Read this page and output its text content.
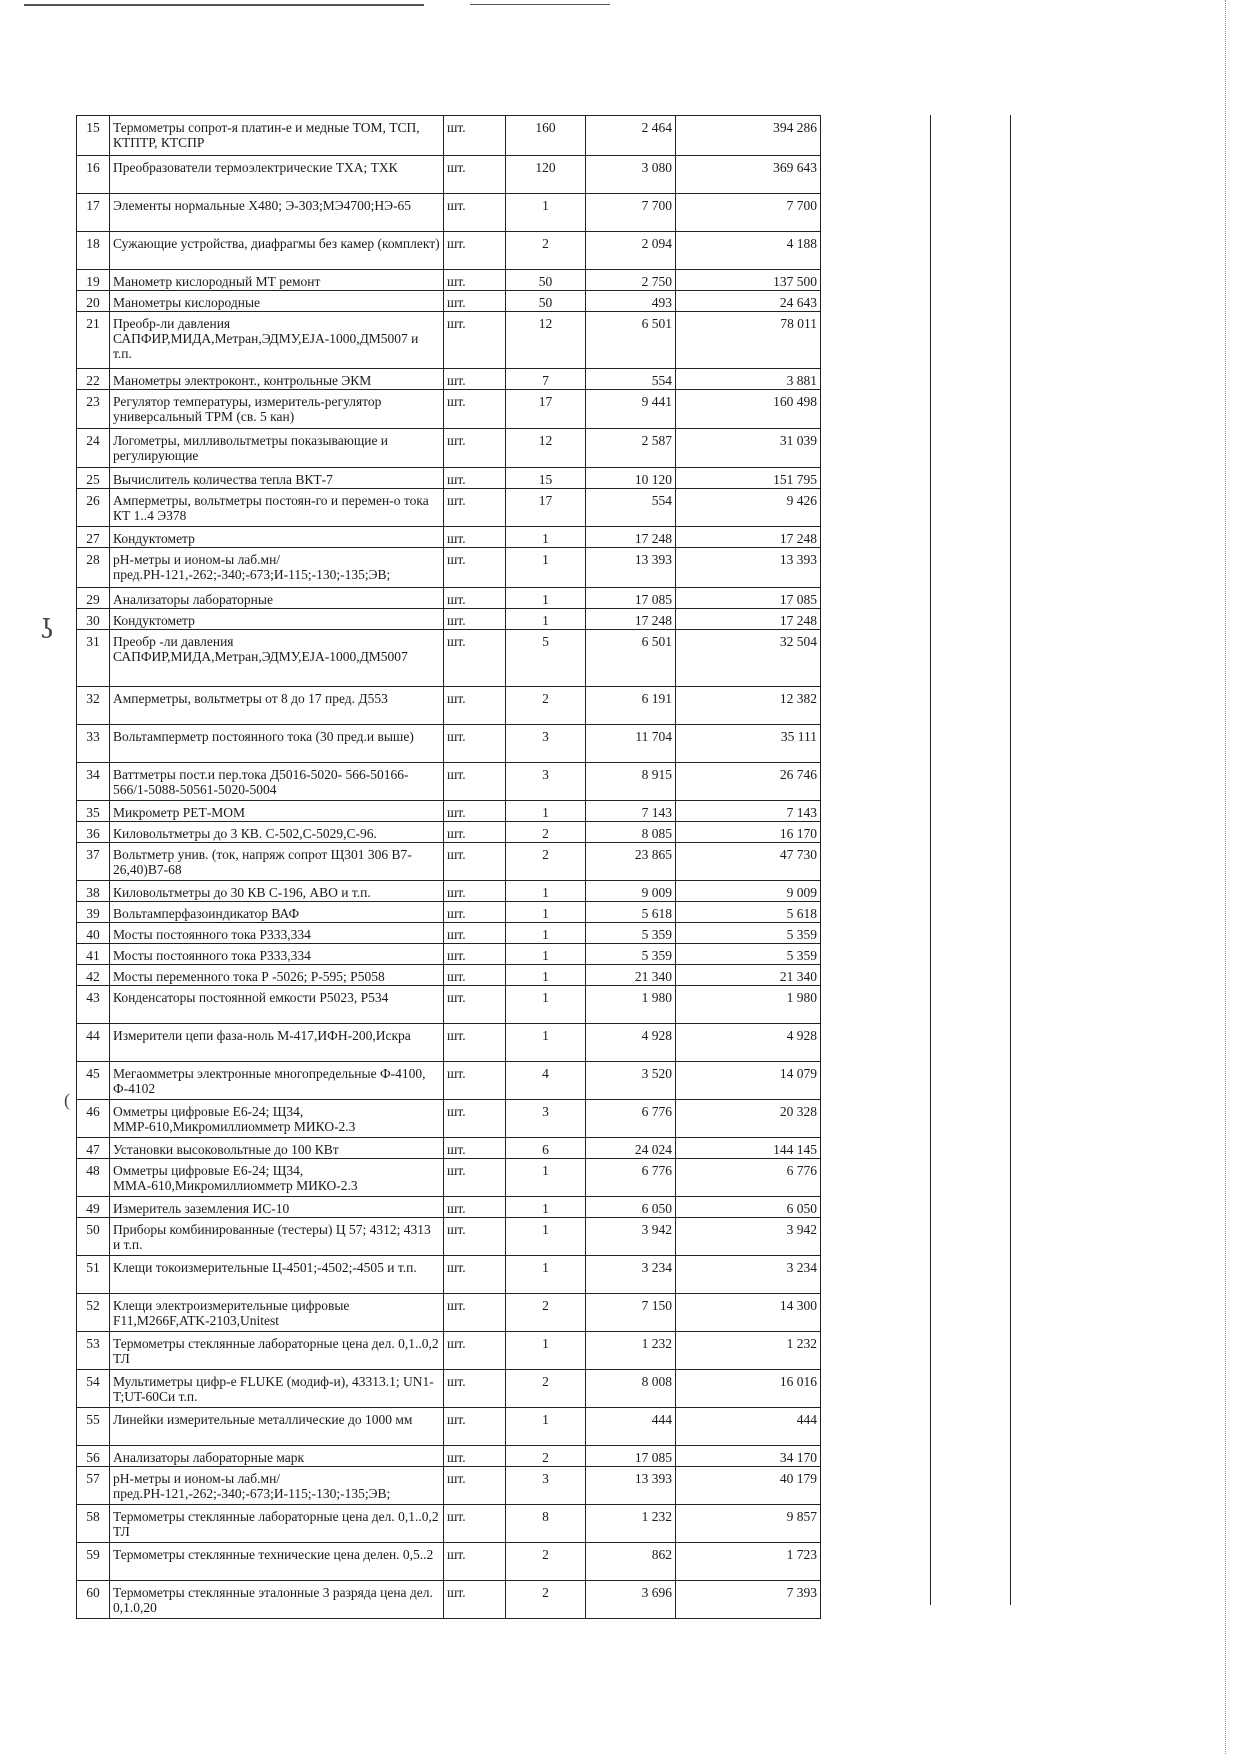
ʖ
(
15	Термометры сопрот-я платин-е и медные ТОМ, ТСП, КТПТР, КТСПР	шт.	160	2 464	394 286
16	Преобразователи термоэлектрические ТХА; ТХК	шт.	120	3 080	369 643
17	Элементы нормальные Х480; Э-303;МЭ4700;НЭ-65	шт.	1	7 700	7 700
18	Сужающие устройства, диафрагмы без камер (комплект)	шт.	2	2 094	4 188
19	Манометр кислородный МТ ремонт	шт.	50	2 750	137 500
20	Манометры кислородные	шт.	50	493	24 643
21	Преобр-ли давления САПФИР,МИДА,Метран,ЭДМУ,EJA-1000,ДМ5007 и т.п.	шт.	12	6 501	78 011
22	Манометры электроконт., контрольные ЭКМ	шт.	7	554	3 881
23	Регулятор температуры, измеритель-регулятор универсальный ТРМ (св. 5 кан)	шт.	17	9 441	160 498
24	Логометры, милливольтметры показывающие и регулирующие	шт.	12	2 587	31 039
25	Вычислитель количества тепла ВКТ-7	шт.	15	10 120	151 795
26	Амперметры, вольтметры постоян-го и перемен-о тока КТ 1..4 Э378	шт.	17	554	9 426
27	Кондуктометр	шт.	1	17 248	17 248
28	рН-метры и ионом-ы лаб.мн/пред.РН-121,-262;-340;-673;И-115;-130;-135;ЭВ;	шт.	1	13 393	13 393
29	Анализаторы лабораторные	шт.	1	17 085	17 085
30	Кондуктометр	шт.	1	17 248	17 248
31	Преобр -ли давления САПФИР,МИДА,Метран,ЭДМУ,EJA-1000,ДМ5007	шт.	5	6 501	32 504
32	Амперметры, вольтметры от 8 до 17 пред. Д553	шт.	2	6 191	12 382
33	Вольтамперметр постоянного тока (30 пред.и выше)	шт.	3	11 704	35 111
34	Ваттметры пост.и пер.тока Д5016-5020- 566-50166-566/1-5088-50561-5020-5004	шт.	3	8 915	26 746
35	Микрометр РЕТ-МОМ	шт.	1	7 143	7 143
36	Киловольтметры до 3 КВ. С-502,С-5029,С-96.	шт.	2	8 085	16 170
37	Вольтметр унив. (ток, напряж сопрот Щ301 306 В7-26,40)В7-68	шт.	2	23 865	47 730
38	Киловольтметры до 30 КВ С-196, АВО и т.п.	шт.	1	9 009	9 009
39	Вольтамперфазоиндикатор ВАФ	шт.	1	5 618	5 618
40	Мосты постоянного тока Р333,334	шт.	1	5 359	5 359
41	Мосты постоянного тока Р333,334	шт.	1	5 359	5 359
42	Мосты переменного тока Р -5026; Р-595; Р5058	шт.	1	21 340	21 340
43	Конденсаторы постоянной емкости Р5023, Р534	шт.	1	1 980	1 980
44	Измерители цепи фаза-ноль М-417,ИФН-200,Искра	шт.	1	4 928	4 928
45	Мегаомметры электронные многопредельные Ф-4100, Ф-4102	шт.	4	3 520	14 079
46	Омметры цифровые Е6-24; Щ34, ММР-610,Микромиллиомметр МИКО-2.3	шт.	3	6 776	20 328
47	Установки высоковольтные до 100 КВт	шт.	6	24 024	144 145
48	Омметры цифровые Е6-24; Щ34, ММА-610,Микромиллиомметр МИКО-2.3	шт.	1	6 776	6 776
49	Измеритель заземления ИС-10	шт.	1	6 050	6 050
50	Приборы комбинированные (тестеры) Ц 57; 4312; 4313 и т.п.	шт.	1	3 942	3 942
51	Клещи токоизмерительные Ц-4501;-4502;-4505 и т.п.	шт.	1	3 234	3 234
52	Клещи электроизмерительные цифровые F11,M266F,ATK-2103,Unitest	шт.	2	7 150	14 300
53	Термометры стеклянные лабораторные цена дел. 0,1..0,2 ТЛ	шт.	1	1 232	1 232
54	Мультиметры цифр-е FLUKE (модиф-и), 43313.1; UN1-T;UT-60Си т.п.	шт.	2	8 008	16 016
55	Линейки измерительные металлические до 1000 мм	шт.	1	444	444
56	Анализаторы лабораторные марк	шт.	2	17 085	34 170
57	рН-метры и ионом-ы лаб.мн/пред.РН-121,-262;-340;-673;И-115;-130;-135;ЭВ;	шт.	3	13 393	40 179
58	Термометры стеклянные лабораторные цена дел. 0,1..0,2 ТЛ	шт.	8	1 232	9 857
59	Термометры стеклянные технические цена делен. 0,5..2	шт.	2	862	1 723
60	Термометры стеклянные эталонные 3 разряда цена дел. 0,1.0,20	шт.	2	3 696	7 393
